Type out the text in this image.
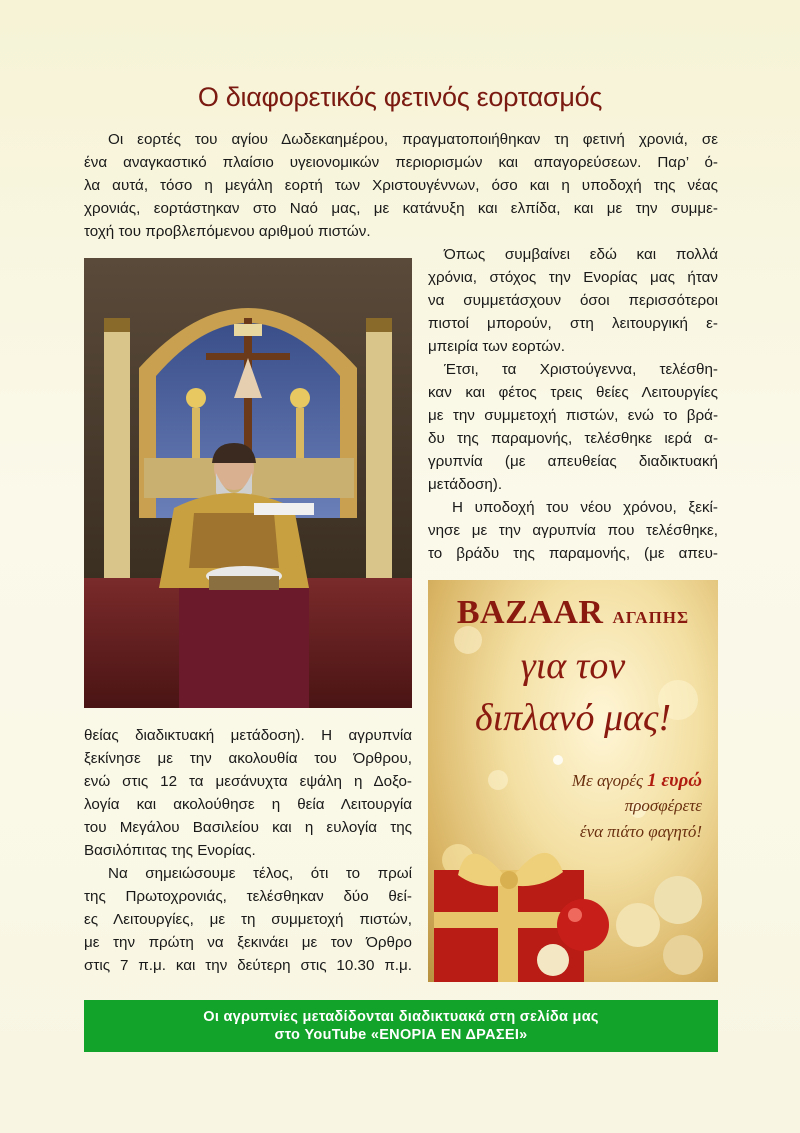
Ο διαφορετικός φετινός εορτασμός
Οι εορτές του αγίου Δωδεκαημέρου, πραγματοποιήθηκαν τη φετινή χρονιά, σε
ένα αναγκαστικό πλαίσιο υγειονομικών περιορισμών και απαγορεύσεων. Παρ’ ό-
λα αυτά, τόσο η μεγάλη εορτή των Χριστουγέννων, όσο και η υποδοχή της νέας
χρονιάς, εορτάστηκαν στο Ναό μας, με κατάνυξη και ελπίδα, και με την συμμε-
τοχή του προβλεπόμενου αριθμού πιστών.
Όπως συμβαίνει εδώ και πολλά
χρόνια, στόχος την Ενορίας μας ήταν
να συμμετάσχουν όσοι περισσότεροι
πιστοί μπορούν, στη λειτουργική ε-
μπειρία των εορτών.
Έτσι, τα Χριστούγεννα, τελέσθη-
καν και φέτος τρεις θείες Λειτουργίες
με την συμμετοχή πιστών, ενώ το βρά-
δυ της παραμονής, τελέσθηκε ιερά α-
γρυπνία (με απευθείας διαδικτυακή
μετάδοση).
Η υποδοχή του νέου χρόνου, ξεκί-
νησε με την αγρυπνία που τελέσθηκε,
το βράδυ της παραμονής, (με απευ-
θείας διαδικτυακή μετάδοση). Η αγρυπνία
ξεκίνησε με την ακολουθία του Όρθρου,
ενώ στις 12 τα μεσάνυχτα εψάλη η Δοξο-
λογία και ακολούθησε η θεία Λειτουργία
του Μεγάλου Βασιλείου και η ευλογία της
Βασιλόπιτας της Ενορίας.
Να σημειώσουμε τέλος, ότι το πρωί
της Πρωτοχρονιάς, τελέσθηκαν δύο θεί-
ες Λειτουργίες, με τη συμμετοχή πιστών,
με την πρώτη να ξεκινάει με τον Όρθρο
στις 7 π.μ. και την δεύτερη στις 10.30 π.μ.
BAZAAR ΑΓΑΠΗΣ
για τον
διπλανό μας!
Με αγορές 1 ευρώ
προσφέρετε
ένα πιάτο φαγητό!
Οι αγρυπνίες μεταδίδονται διαδικτυακά στη σελίδα μας
στο YouTube «ΕΝΟΡΙΑ ΕΝ ΔΡΑΣΕΙ»
